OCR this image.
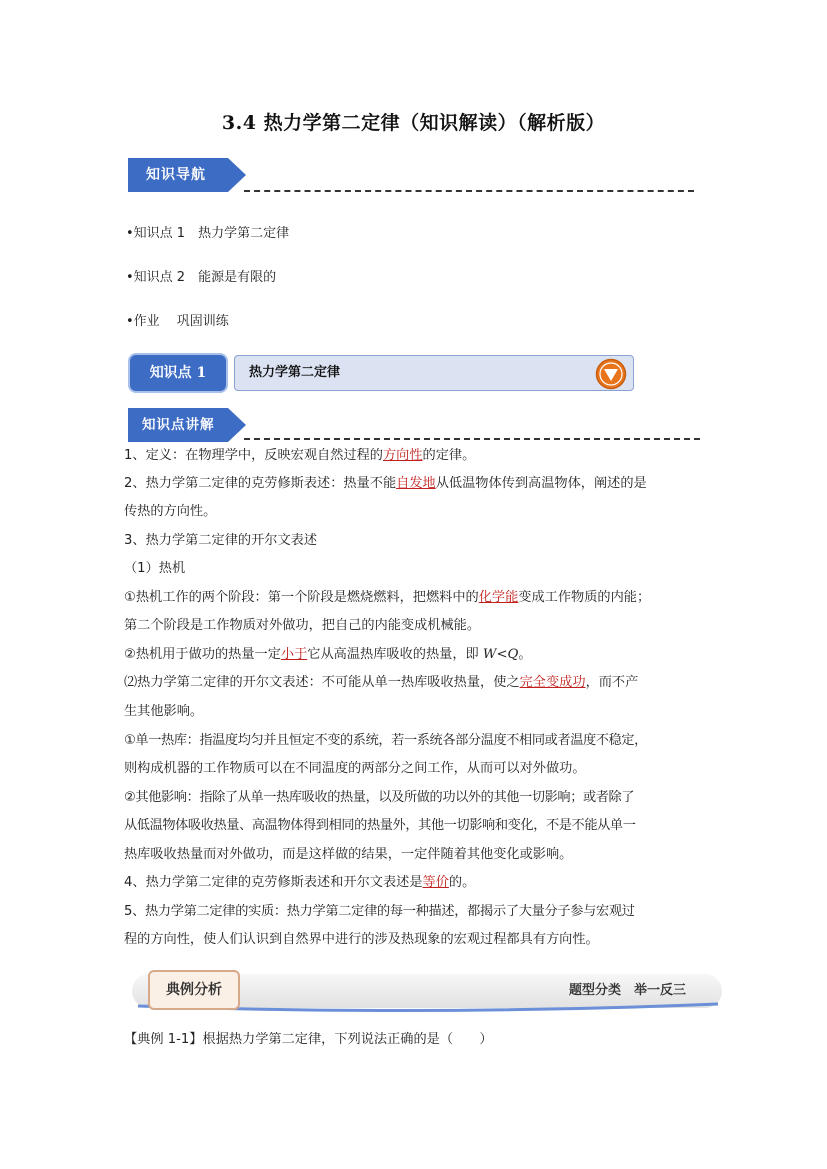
3.4 热力学第二定律（知识解读）（解析版）
知识导航
•知识点 1　热力学第二定律
•知识点 2　能源是有限的
•作业　 巩固训练
知识点 1	热力学第二定律
知识点讲解
1、定义：在物理学中，反映宏观自然过程的方向性的定律。
2、热力学第二定律的克劳修斯表述：热量不能自发地从低温物体传到高温物体，阐述的是
传热的方向性。
3、热力学第二定律的开尔文表述
（1）热机
①热机工作的两个阶段：第一个阶段是燃烧燃料，把燃料中的化学能变成工作物质的内能；
第二个阶段是工作物质对外做功，把自己的内能变成机械能。
②热机用于做功的热量一定小于它从高温热库吸收的热量，即 W<Q。
⑵热力学第二定律的开尔文表述：不可能从单一热库吸收热量，使之完全变成功，而不产
生其他影响。
①单一热库：指温度均匀并且恒定不变的系统，若一系统各部分温度不相同或者温度不稳定，
则构成机器的工作物质可以在不同温度的两部分之间工作，从而可以对外做功。
②其他影响：指除了从单一热库吸收的热量，以及所做的功以外的其他一切影响；或者除了
从低温物体吸收热量、高温物体得到相同的热量外，其他一切影响和变化，不是不能从单一
热库吸收热量而对外做功，而是这样做的结果，一定伴随着其他变化或影响。
4、热力学第二定律的克劳修斯表述和开尔文表述是等价的。
5、热力学第二定律的实质：热力学第二定律的每一种描述，都揭示了大量分子参与宏观过
程的方向性，使人们认识到自然界中进行的涉及热现象的宏观过程都具有方向性。
典例分析	题型分类　举一反三
【典例 1-1】根据热力学第二定律，下列说法正确的是（　　）
